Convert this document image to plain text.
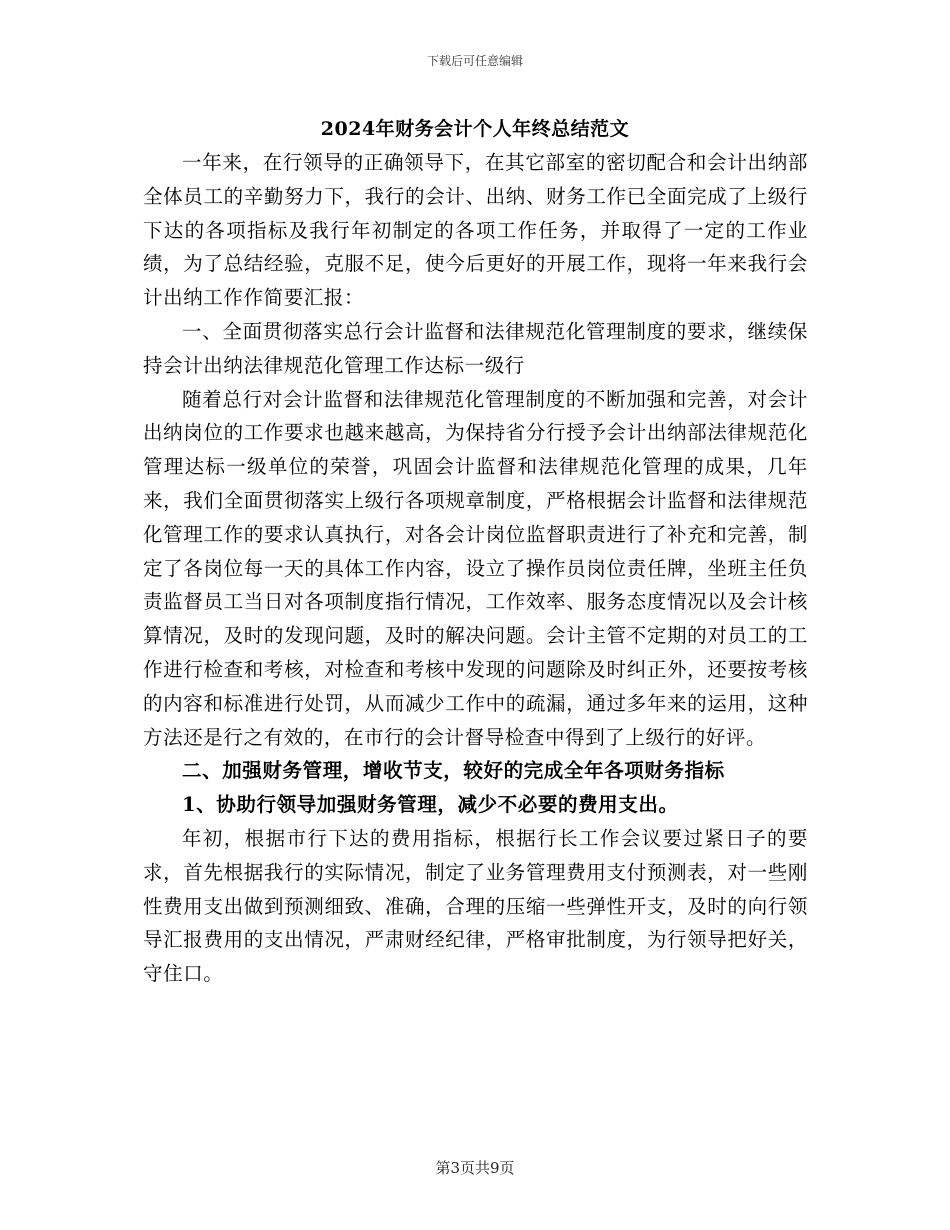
下载后可任意编辑
2024年财务会计个人年终总结范文

一年来，在行领导的正确领导下，在其它部室的密切配合和会计出纳部全体员工的辛勤努力下，我行的会计、出纳、财务工作已全面完成了上级行下达的各项指标及我行年初制定的各项工作任务，并取得了一定的工作业绩，为了总结经验，克服不足，使今后更好的开展工作，现将一年来我行会计出纳工作作简要汇报：

一、全面贯彻落实总行会计监督和法律规范化管理制度的要求，继续保持会计出纳法律规范化管理工作达标一级行

随着总行对会计监督和法律规范化管理制度的不断加强和完善，对会计出纳岗位的工作要求也越来越高，为保持省分行授予会计出纳部法律规范化管理达标一级单位的荣誉，巩固会计监督和法律规范化管理的成果，几年来，我们全面贯彻落实上级行各项规章制度，严格根据会计监督和法律规范化管理工作的要求认真执行，对各会计岗位监督职责进行了补充和完善，制定了各岗位每一天的具体工作内容，设立了操作员岗位责任牌，坐班主任负责监督员工当日对各项制度指行情况，工作效率、服务态度情况以及会计核算情况，及时的发现问题，及时的解决问题。会计主管不定期的对员工的工作进行检查和考核，对检查和考核中发现的问题除及时纠正外，还要按考核的内容和标准进行处罚，从而减少工作中的疏漏，通过多年来的运用，这种方法还是行之有效的，在市行的会计督导检查中得到了上级行的好评。

二、加强财务管理，增收节支，较好的完成全年各项财务指标

1、协助行领导加强财务管理，减少不必要的费用支出。

年初，根据市行下达的费用指标，根据行长工作会议要过紧日子的要求，首先根据我行的实际情况，制定了业务管理费用支付预测表，对一些刚性费用支出做到预测细致、准确，合理的压缩一些弹性开支，及时的向行领导汇报费用的支出情况，严肃财经纪律，严格审批制度，为行领导把好关，守住口。

第3页共9页
